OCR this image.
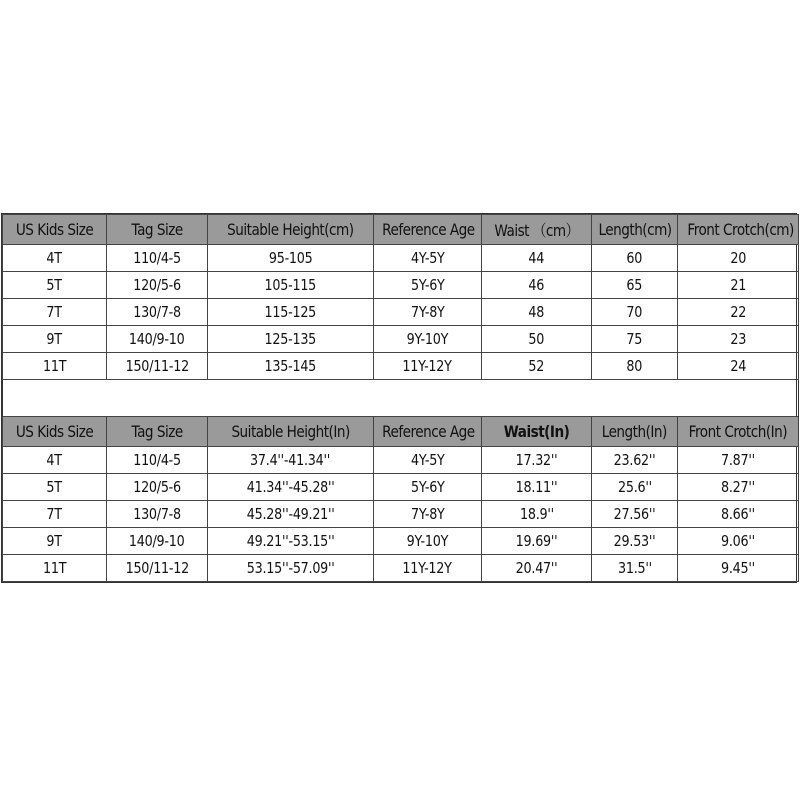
US Kids Size	Tag Size	Suitable Height(cm)	Reference Age	Waist （cm）	Length(cm)	Front Crotch(cm)
4T	110/4-5	95-105	4Y-5Y	44	60	20
5T	120/5-6	105-115	5Y-6Y	46	65	21
7T	130/7-8	115-125	7Y-8Y	48	70	22
9T	140/9-10	125-135	9Y-10Y	50	75	23
11T	150/11-12	135-145	11Y-12Y	52	80	24

US Kids Size	Tag Size	Suitable Height(In)	Reference Age	Waist(In)	Length(In)	Front Crotch(In)
4T	110/4-5	37.4''-41.34''	4Y-5Y	17.32''	23.62''	7.87''
5T	120/5-6	41.34''-45.28''	5Y-6Y	18.11''	25.6''	8.27''
7T	130/7-8	45.28''-49.21''	7Y-8Y	18.9''	27.56''	8.66''
9T	140/9-10	49.21''-53.15''	9Y-10Y	19.69''	29.53''	9.06''
11T	150/11-12	53.15''-57.09''	11Y-12Y	20.47''	31.5''	9.45''
